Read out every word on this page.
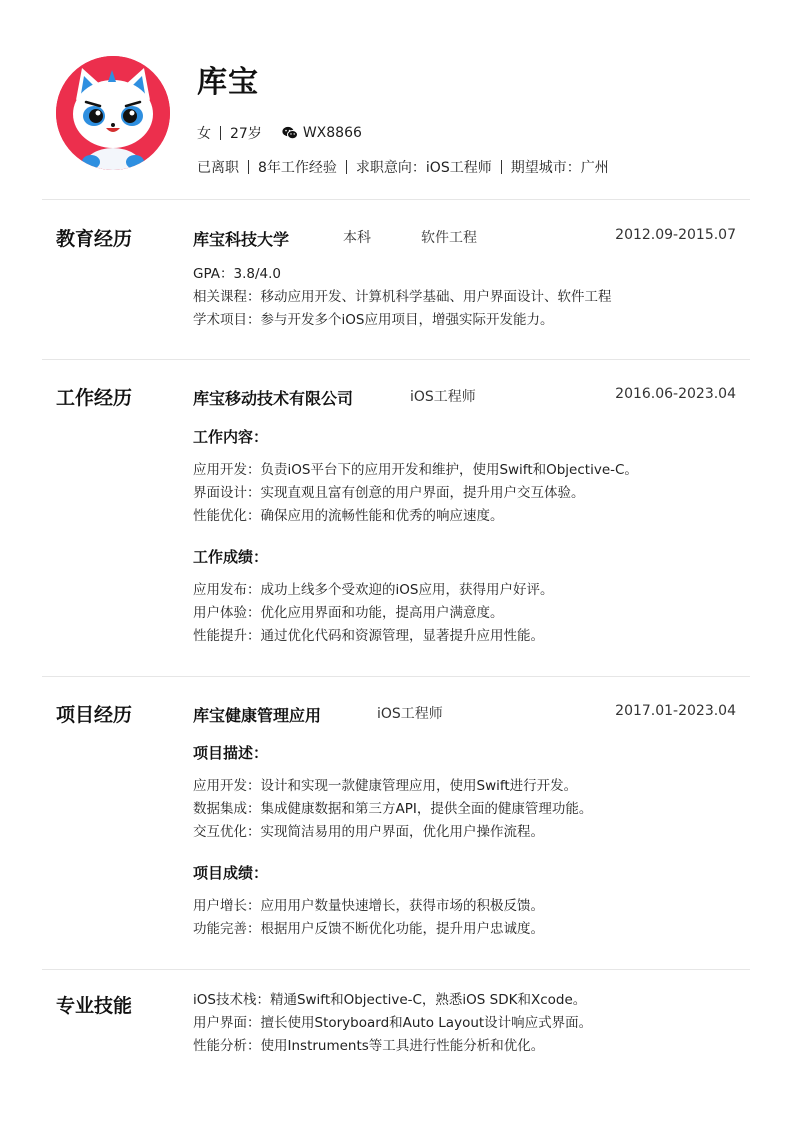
库宝
女 27岁	WX8866
已离职 8年工作经验 求职意向：iOS工程师 期望城市：广州
教育经历	库宝科技大学	本科	软件工程	2012.09-2015.07
GPA：3.8/4.0
相关课程：移动应用开发、计算机科学基础、用户界面设计、软件工程
学术项目：参与开发多个iOS应用项目，增强实际开发能力。
工作经历	库宝移动技术有限公司	iOS工程师	2016.06-2023.04
工作内容：
应用开发：负责iOS平台下的应用开发和维护，使用Swift和Objective-C。
界面设计：实现直观且富有创意的用户界面，提升用户交互体验。
性能优化：确保应用的流畅性能和优秀的响应速度。
工作成绩：
应用发布：成功上线多个受欢迎的iOS应用，获得用户好评。
用户体验：优化应用界面和功能，提高用户满意度。
性能提升：通过优化代码和资源管理，显著提升应用性能。
项目经历	库宝健康管理应用	iOS工程师	2017.01-2023.04
项目描述：
应用开发：设计和实现一款健康管理应用，使用Swift进行开发。
数据集成：集成健康数据和第三方API，提供全面的健康管理功能。
交互优化：实现简洁易用的用户界面，优化用户操作流程。
项目成绩：
用户增长：应用用户数量快速增长，获得市场的积极反馈。
功能完善：根据用户反馈不断优化功能，提升用户忠诚度。
专业技能	iOS技术栈：精通Swift和Objective-C，熟悉iOS SDK和Xcode。
用户界面：擅长使用Storyboard和Auto Layout设计响应式界面。
性能分析：使用Instruments等工具进行性能分析和优化。
